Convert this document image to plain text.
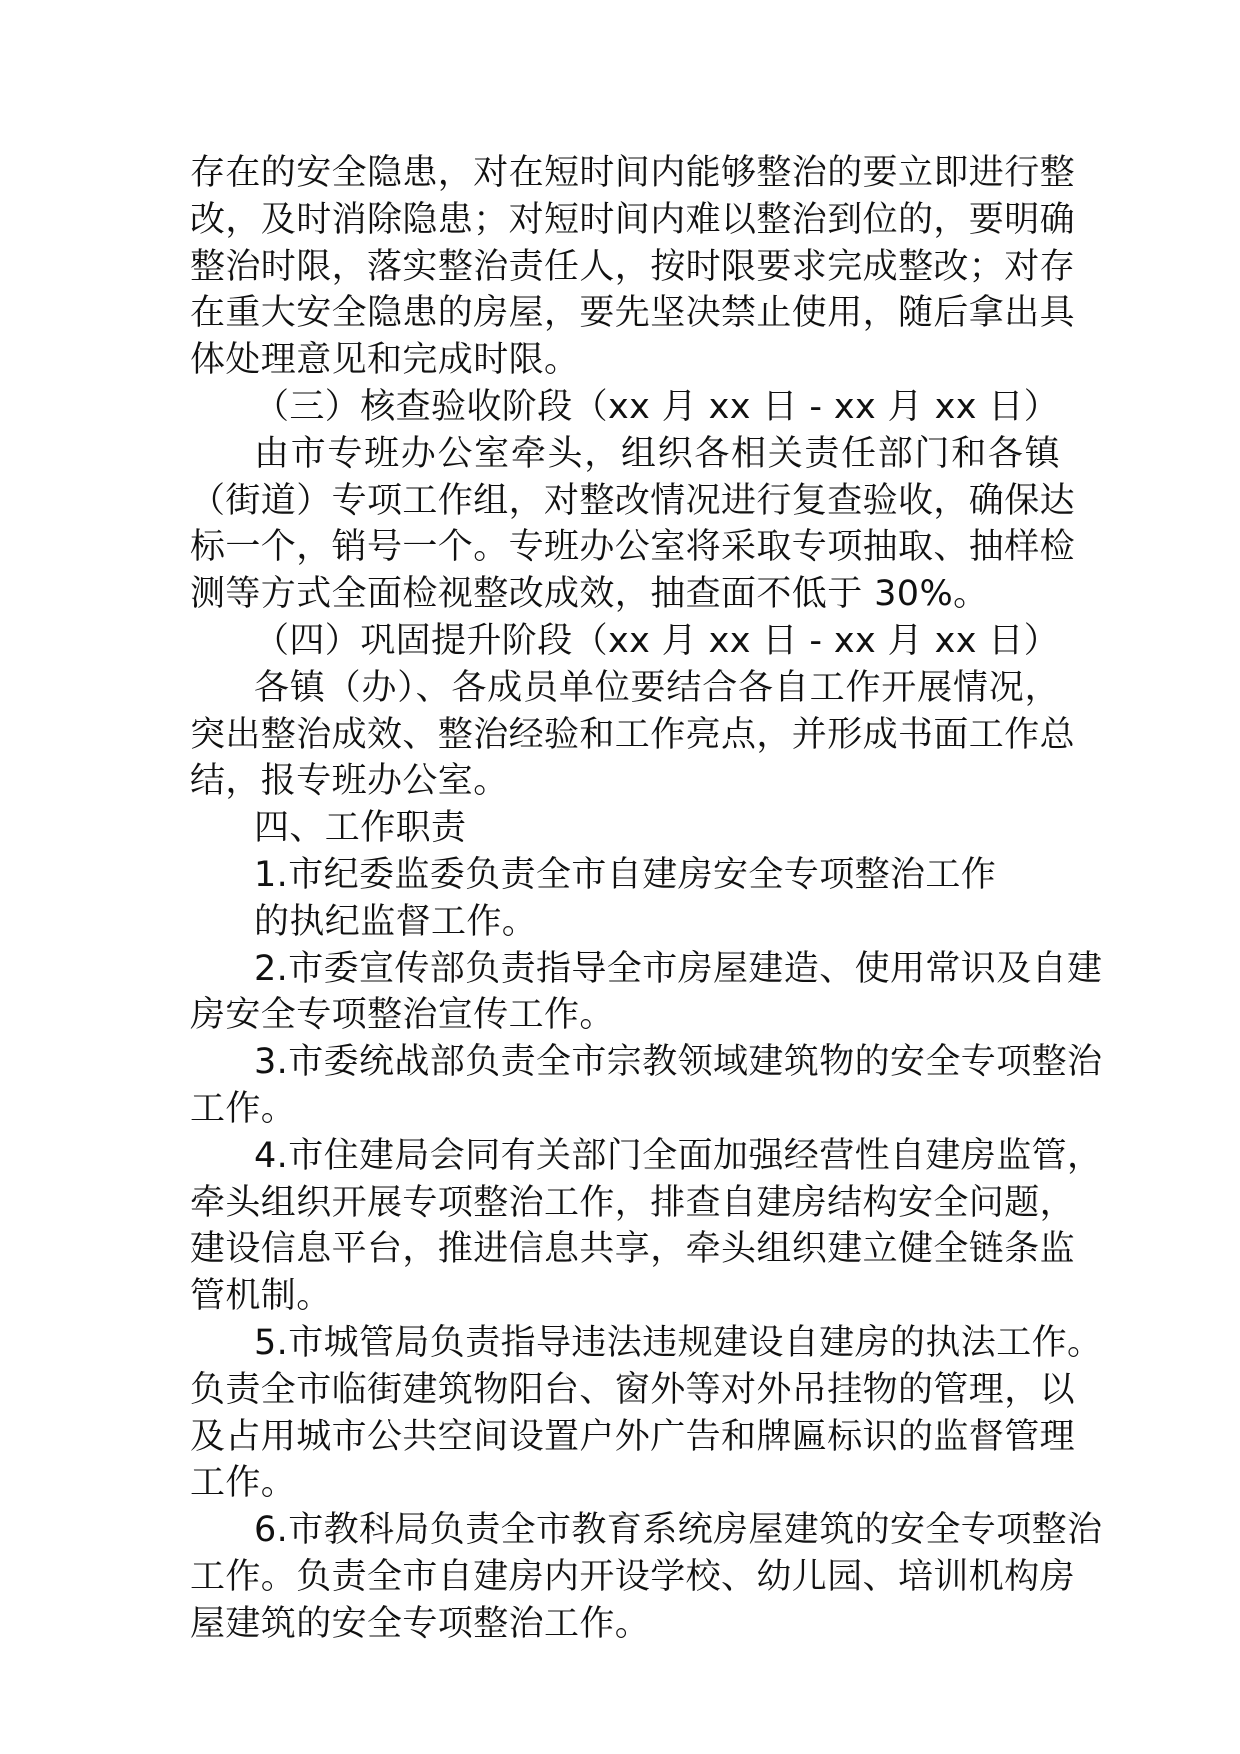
存在的安全隐患，对在短时间内能够整治的要立即进行整
改，及时消除隐患；对短时间内难以整治到位的，要明确
整治时限，落实整治责任人，按时限要求完成整改；对存
在重大安全隐患的房屋，要先坚决禁止使用，随后拿出具
体处理意见和完成时限。
（三）核查验收阶段（xx 月 xx 日 - xx 月 xx 日）
由市专班办公室牵头，组织各相关责任部门和各镇
（街道）专项工作组，对整改情况进行复查验收，确保达
标一个，销号一个。专班办公室将采取专项抽取、抽样检
测等方式全面检视整改成效，抽查面不低于 30%。
（四）巩固提升阶段（xx 月 xx 日 - xx 月 xx 日）
各镇（办）、各成员单位要结合各自工作开展情况，
突出整治成效、整治经验和工作亮点，并形成书面工作总
结，报专班办公室。
四、工作职责
1.市纪委监委负责全市自建房安全专项整治工作
的执纪监督工作。
2.市委宣传部负责指导全市房屋建造、使用常识及自建
房安全专项整治宣传工作。
3.市委统战部负责全市宗教领域建筑物的安全专项整治
工作。
4.市住建局会同有关部门全面加强经营性自建房监管，
牵头组织开展专项整治工作，排查自建房结构安全问题，
建设信息平台，推进信息共享，牵头组织建立健全链条监
管机制。
5.市城管局负责指导违法违规建设自建房的执法工作。
负责全市临街建筑物阳台、窗外等对外吊挂物的管理，以
及占用城市公共空间设置户外广告和牌匾标识的监督管理
工作。
6.市教科局负责全市教育系统房屋建筑的安全专项整治
工作。负责全市自建房内开设学校、幼儿园、培训机构房
屋建筑的安全专项整治工作。
